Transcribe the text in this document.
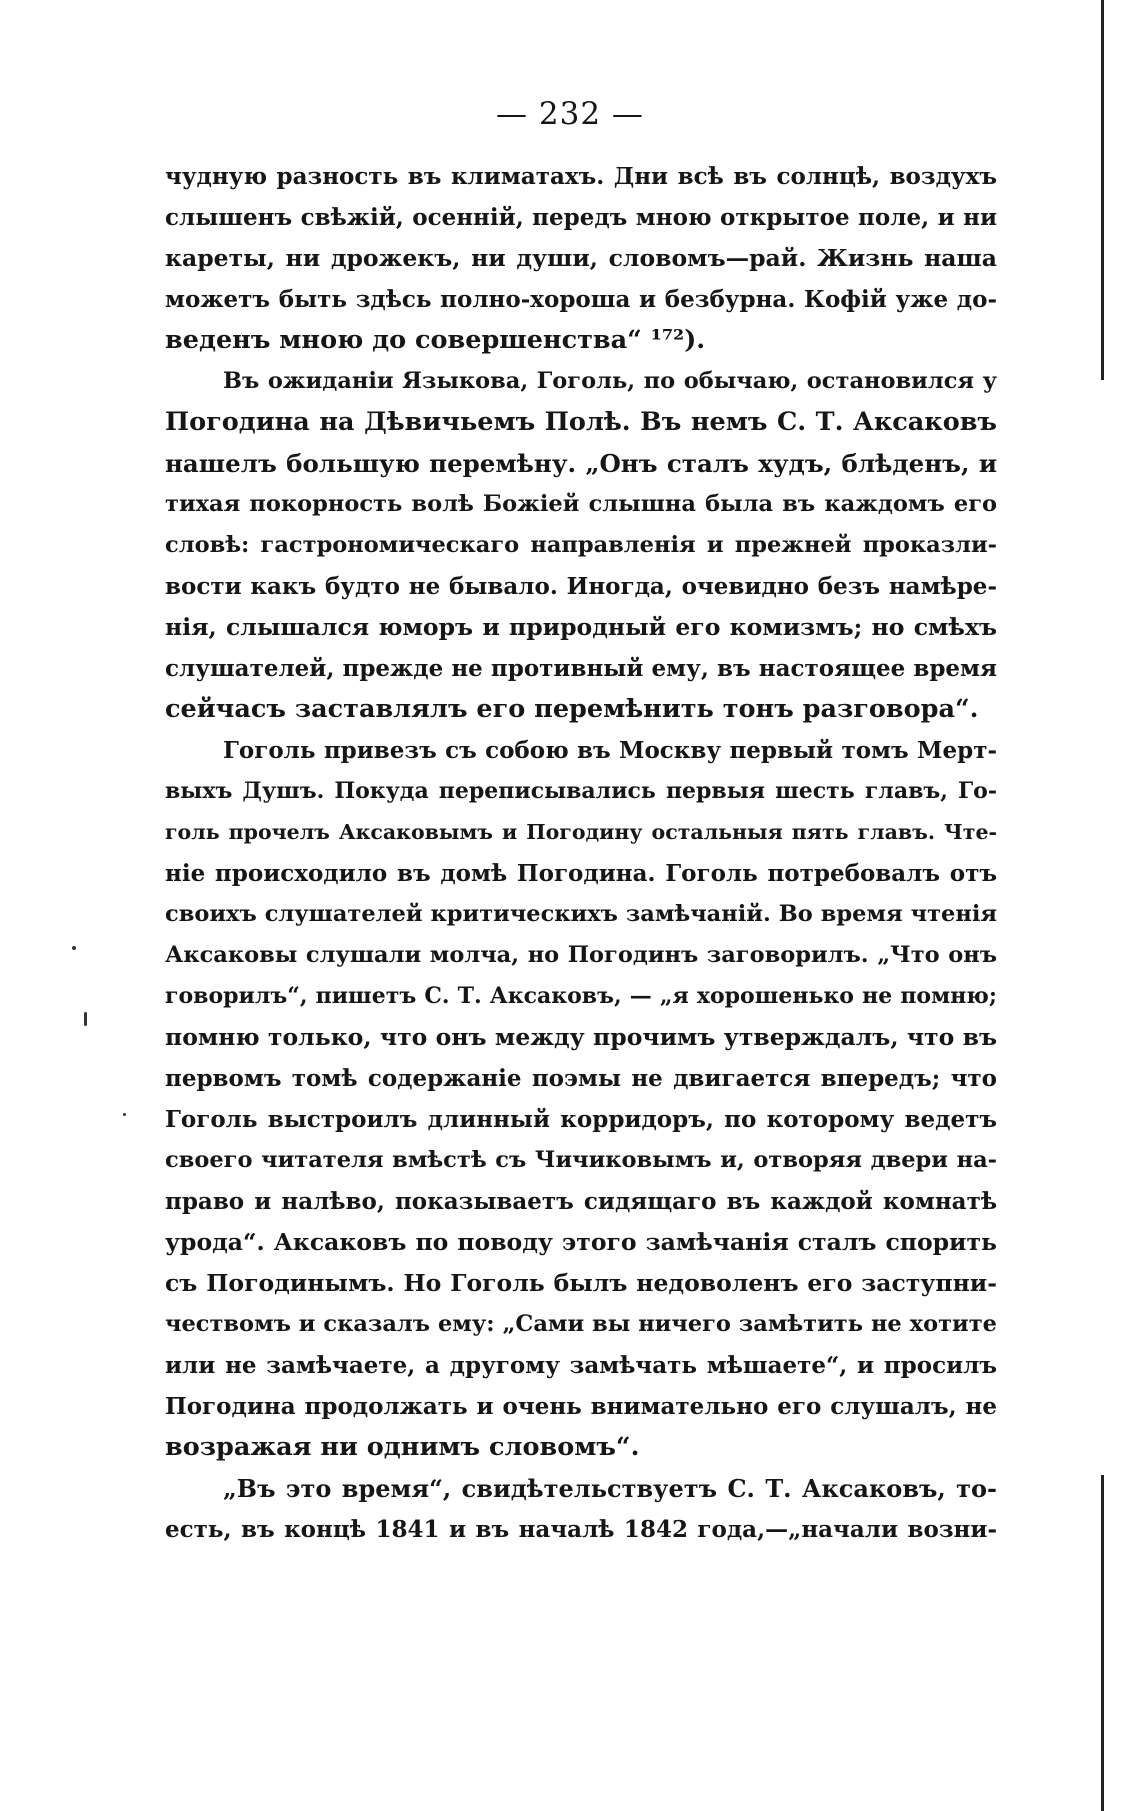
— 232 —
чудную разность въ климатахъ. Дни всѣ въ солнцѣ, воздухъ
слышенъ свѣжій, осенній, передъ мною открытое поле, и ни
кареты, ни дрожекъ, ни души, словомъ—рай. Жизнь наша
можетъ быть здѣсь полно-хороша и безбурна. Кофій уже до-
веденъ мною до совершенства“ ¹⁷²).
Въ ожиданіи Языкова, Гоголь, по обычаю, остановился у
Погодина на Дѣвичьемъ Полѣ. Въ немъ С. Т. Аксаковъ
нашелъ большую перемѣну. „Онъ сталъ худъ, блѣденъ, и
тихая покорность волѣ Божіей слышна была въ каждомъ его
словѣ: гастрономическаго направленія и прежней проказли-
вости какъ будто не бывало. Иногда, очевидно безъ намѣре-
нія, слышался юморъ и природный его комизмъ; но смѣхъ
слушателей, прежде не противный ему, въ настоящее время
сейчасъ заставлялъ его перемѣнить тонъ разговора“.
Гоголь привезъ съ собою въ Москву первый томъ Мерт-
выхъ Душъ. Покуда переписывались первыя шесть главъ, Го-
голь прочелъ Аксаковымъ и Погодину остальныя пять главъ. Чте-
ніе происходило въ домѣ Погодина. Гоголь потребовалъ отъ
своихъ слушателей критическихъ замѣчаній. Во время чтенія
Аксаковы слушали молча, но Погодинъ заговорилъ. „Что онъ
говорилъ“, пишетъ С. Т. Аксаковъ, — „я хорошенько не помню;
помню только, что онъ между прочимъ утверждалъ, что въ
первомъ томѣ содержаніе поэмы не двигается впередъ; что
Гоголь выстроилъ длинный корридоръ, по которому ведетъ
своего читателя вмѣстѣ съ Чичиковымъ и, отворяя двери на-
право и налѣво, показываетъ сидящаго въ каждой комнатѣ
урода“. Аксаковъ по поводу этого замѣчанія сталъ спорить
съ Погодинымъ. Но Гоголь былъ недоволенъ его заступни-
чествомъ и сказалъ ему: „Сами вы ничего замѣтить не хотите
или не замѣчаете, а другому замѣчать мѣшаете“, и просилъ
Погодина продолжать и очень внимательно его слушалъ, не
возражая ни однимъ словомъ“.
„Въ это время“, свидѣтельствуетъ С. Т. Аксаковъ, то-
есть, въ концѣ 1841 и въ началѣ 1842 года,—„начали возни-
